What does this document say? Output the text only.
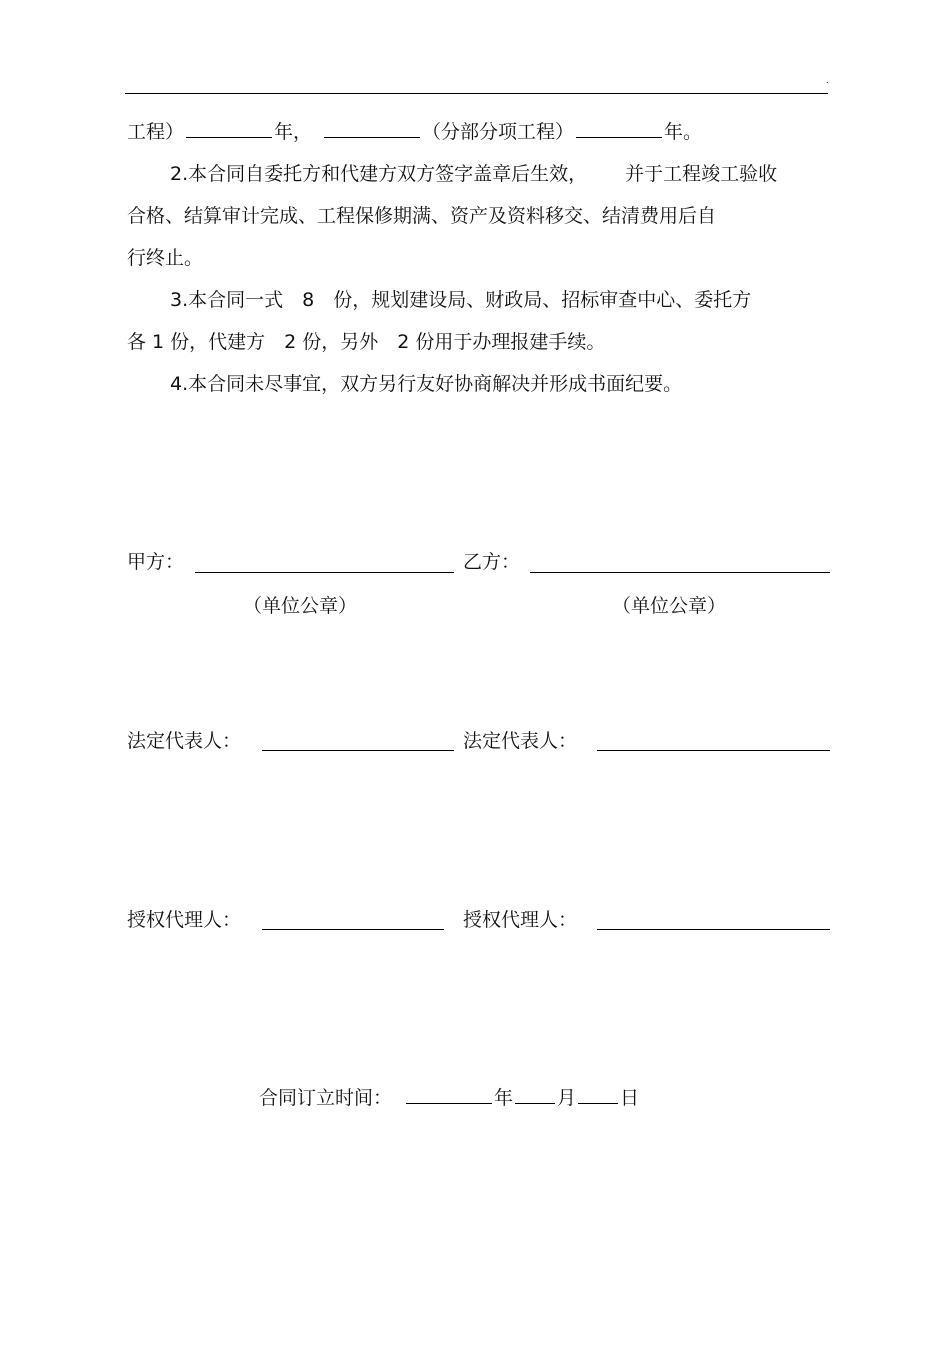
.
工程）	年，	（分部分项工程）	年。
2.本合同自委托方和代建方双方签字盖章后生效， 并于工程竣工验收
合格、结算审计完成、工程保修期满、资产及资料移交、结清费用后自
行终止。
3.本合同一式　8　份，规划建设局、财政局、招标审查中心、委托方
各 1 份，代建方　2 份，另外　2 份用于办理报建手续。
4.本合同未尽事宜，双方另行友好协商解决并形成书面纪要。
甲方：	乙方：
（单位公章）	（单位公章）
法定代表人：	法定代表人：
授权代理人：	授权代理人：
合同订立时间：	年 月 日
